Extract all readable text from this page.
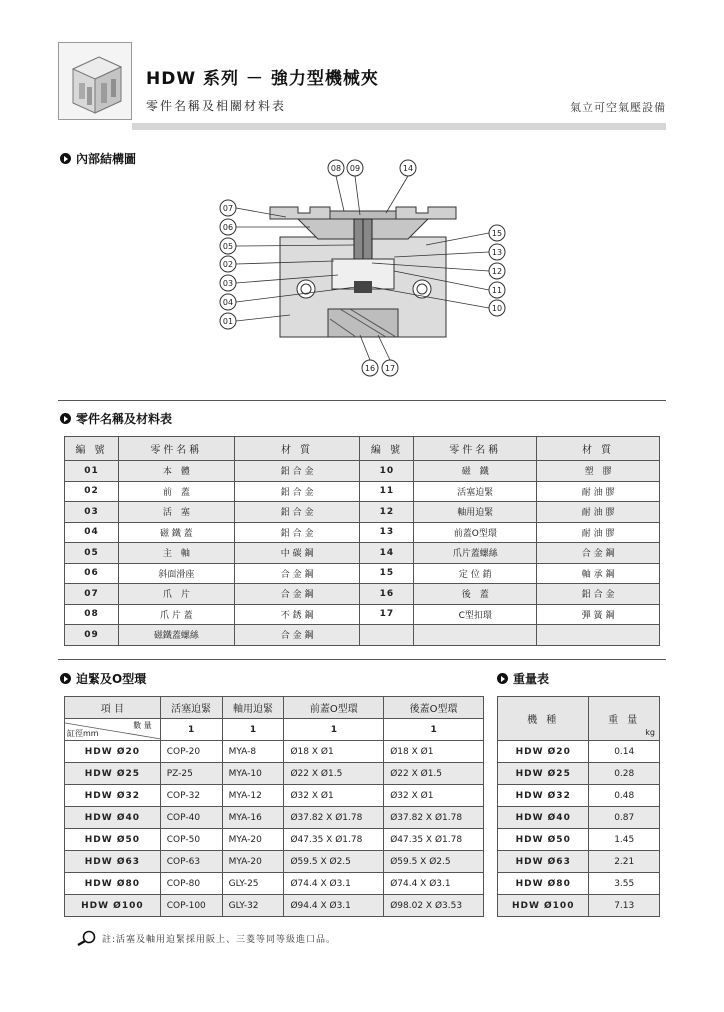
HDW 系列 － 強力型機械夾
零件名稱及相關材料表	氣立可空氣壓設備
內部結構圖
08 09	14
07
06
05
02
03
04
01
15
13
12
11
10
16 17
零件名稱及材料表
編 號	零件名稱	材 質	編 號	零件名稱	材 質
01	本　體	鋁 合 金	10	磁　鐵	塑　膠
02	前　蓋	鋁 合 金	11	活塞迫緊	耐 油 膠
03	活　塞	鋁 合 金	12	軸用迫緊	耐 油 膠
04	磁 鐵 蓋	鋁 合 金	13	前蓋O型環	耐 油 膠
05	主　軸	中 碳 鋼	14	爪片蓋螺絲	合 金 鋼
06	斜面滑座	合 金 鋼	15	定 位 銷	軸 承 鋼
07	爪　片	合 金 鋼	16	後　蓋	鋁 合 金
08	爪 片 蓋	不 銹 鋼	17	C型扣環	彈 簧 鋼
09	磁鐵蓋螺絲	合 金 鋼			
迫緊及O型環	重量表
項 目	活塞迫緊	軸用迫緊	前蓋O型環	後蓋O型環

數 量
缸徑mm	1	1	1	1
HDW Ø20	COP-20	MYA-8	Ø18 X Ø1	Ø18 X Ø1
HDW Ø25	PZ-25	MYA-10	Ø22 X Ø1.5	Ø22 X Ø1.5
HDW Ø32	COP-32	MYA-12	Ø32 X Ø1	Ø32 X Ø1
HDW Ø40	COP-40	MYA-16	Ø37.82 X Ø1.78	Ø37.82 X Ø1.78
HDW Ø50	COP-50	MYA-20	Ø47.35 X Ø1.78	Ø47.35 X Ø1.78
HDW Ø63	COP-63	MYA-20	Ø59.5 X Ø2.5	Ø59.5 X Ø2.5
HDW Ø80	COP-80	GLY-25	Ø74.4 X Ø3.1	Ø74.4 X Ø3.1
HDW Ø100	COP-100	GLY-32	Ø94.4 X Ø3.1	Ø98.02 X Ø3.53
機 種	重 量
kg

HDW Ø20	0.14
HDW Ø25	0.28
HDW Ø32	0.48
HDW Ø40	0.87
HDW Ø50	1.45
HDW Ø63	2.21
HDW Ø80	3.55
HDW Ø100	7.13
註:活塞及軸用迫緊採用阪上、三菱等同等級進口品。
